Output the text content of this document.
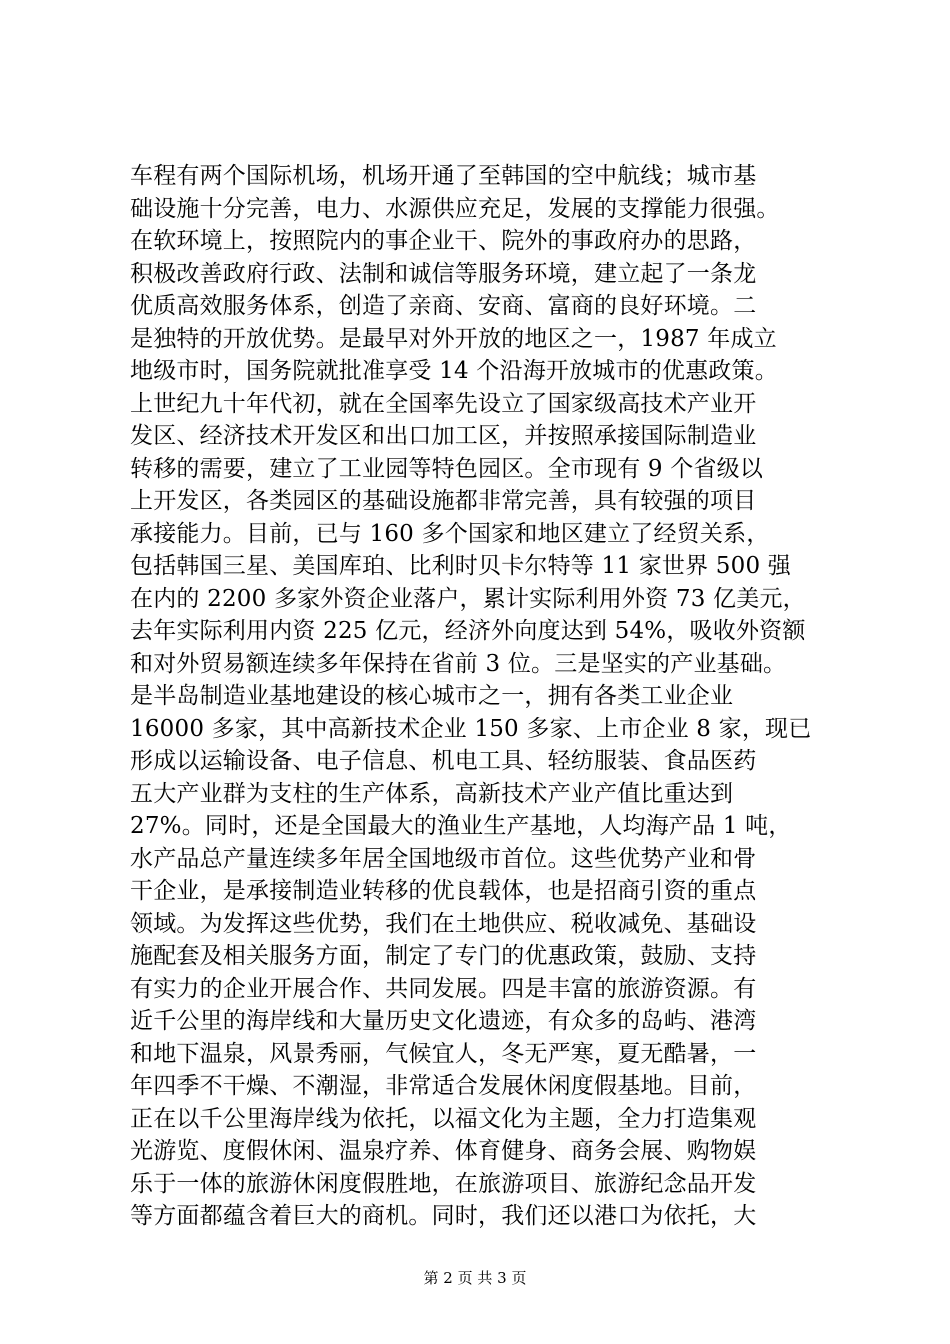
车程有两个国际机场，机场开通了至韩国的空中航线；城市基
础设施十分完善，电力、水源供应充足，发展的支撑能力很强。
在软环境上，按照院内的事企业干、院外的事政府办的思路，
积极改善政府行政、法制和诚信等服务环境，建立起了一条龙
优质高效服务体系，创造了亲商、安商、富商的良好环境。二
是独特的开放优势。是最早对外开放的地区之一，1987 年成立
地级市时，国务院就批准享受 14 个沿海开放城市的优惠政策。
上世纪九十年代初，就在全国率先设立了国家级高技术产业开
发区、经济技术开发区和出口加工区，并按照承接国际制造业
转移的需要，建立了工业园等特色园区。全市现有 9 个省级以
上开发区，各类园区的基础设施都非常完善，具有较强的项目
承接能力。目前，已与 160 多个国家和地区建立了经贸关系，
包括韩国三星、美国库珀、比利时贝卡尔特等 11 家世界 500 强
在内的 2200 多家外资企业落户，累计实际利用外资 73 亿美元，
去年实际利用内资 225 亿元，经济外向度达到 54%，吸收外资额
和对外贸易额连续多年保持在省前 3 位。三是坚实的产业基础。
是半岛制造业基地建设的核心城市之一，拥有各类工业企业
16000 多家，其中高新技术企业 150 多家、上市企业 8 家，现已
形成以运输设备、电子信息、机电工具、轻纺服装、食品医药
五大产业群为支柱的生产体系，高新技术产业产值比重达到
27%。同时，还是全国最大的渔业生产基地，人均海产品 1 吨，
水产品总产量连续多年居全国地级市首位。这些优势产业和骨
干企业，是承接制造业转移的优良载体，也是招商引资的重点
领域。为发挥这些优势，我们在土地供应、税收减免、基础设
施配套及相关服务方面，制定了专门的优惠政策，鼓励、支持
有实力的企业开展合作、共同发展。四是丰富的旅游资源。有
近千公里的海岸线和大量历史文化遗迹，有众多的岛屿、港湾
和地下温泉，风景秀丽，气候宜人，冬无严寒，夏无酷暑，一
年四季不干燥、不潮湿，非常适合发展休闲度假基地。目前，
正在以千公里海岸线为依托，以福文化为主题，全力打造集观
光游览、度假休闲、温泉疗养、体育健身、商务会展、购物娱
乐于一体的旅游休闲度假胜地，在旅游项目、旅游纪念品开发
等方面都蕴含着巨大的商机。同时，我们还以港口为依托，大
第 2 页 共 3 页
